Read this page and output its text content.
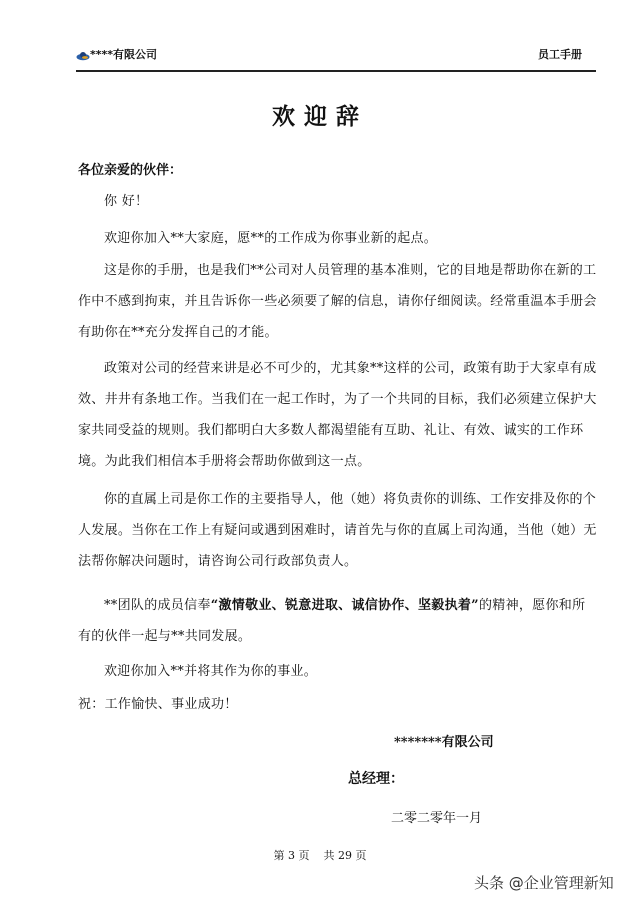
****有限公司	员工手册
欢迎辞
各位亲爱的伙伴：

你 好！

欢迎你加入**大家庭，愿**的工作成为你事业新的起点。

这是你的手册，也是我们**公司对人员管理的基本准则，它的目地是帮助你在新的工作中不感到拘束，并且告诉你一些必须要了解的信息，请你仔细阅读。经常重温本手册会有助你在**充分发挥自己的才能。

政策对公司的经营来讲是必不可少的，尤其象**这样的公司，政策有助于大家卓有成效、井井有条地工作。当我们在一起工作时，为了一个共同的目标，我们必须建立保护大家共同受益的规则。我们都明白大多数人都渴望能有互助、礼让、有效、诚实的工作环境。为此我们相信本手册将会帮助你做到这一点。

你的直属上司是你工作的主要指导人，他（她）将负责你的训练、工作安排及你的个人发展。当你在工作上有疑问或遇到困难时，请首先与你的直属上司沟通，当他（她）无法帮你解决问题时，请咨询公司行政部负责人。

**团队的成员信奉“激情敬业、锐意进取、诚信协作、坚毅执着”的精神，愿你和所有的伙伴一起与**共同发展。

欢迎你加入**并将其作为你的事业。

祝：工作愉快、事业成功！

*******有限公司
总经理：
二零二零年一月
第 3 页    共 29 页
头条 @企业管理新知
